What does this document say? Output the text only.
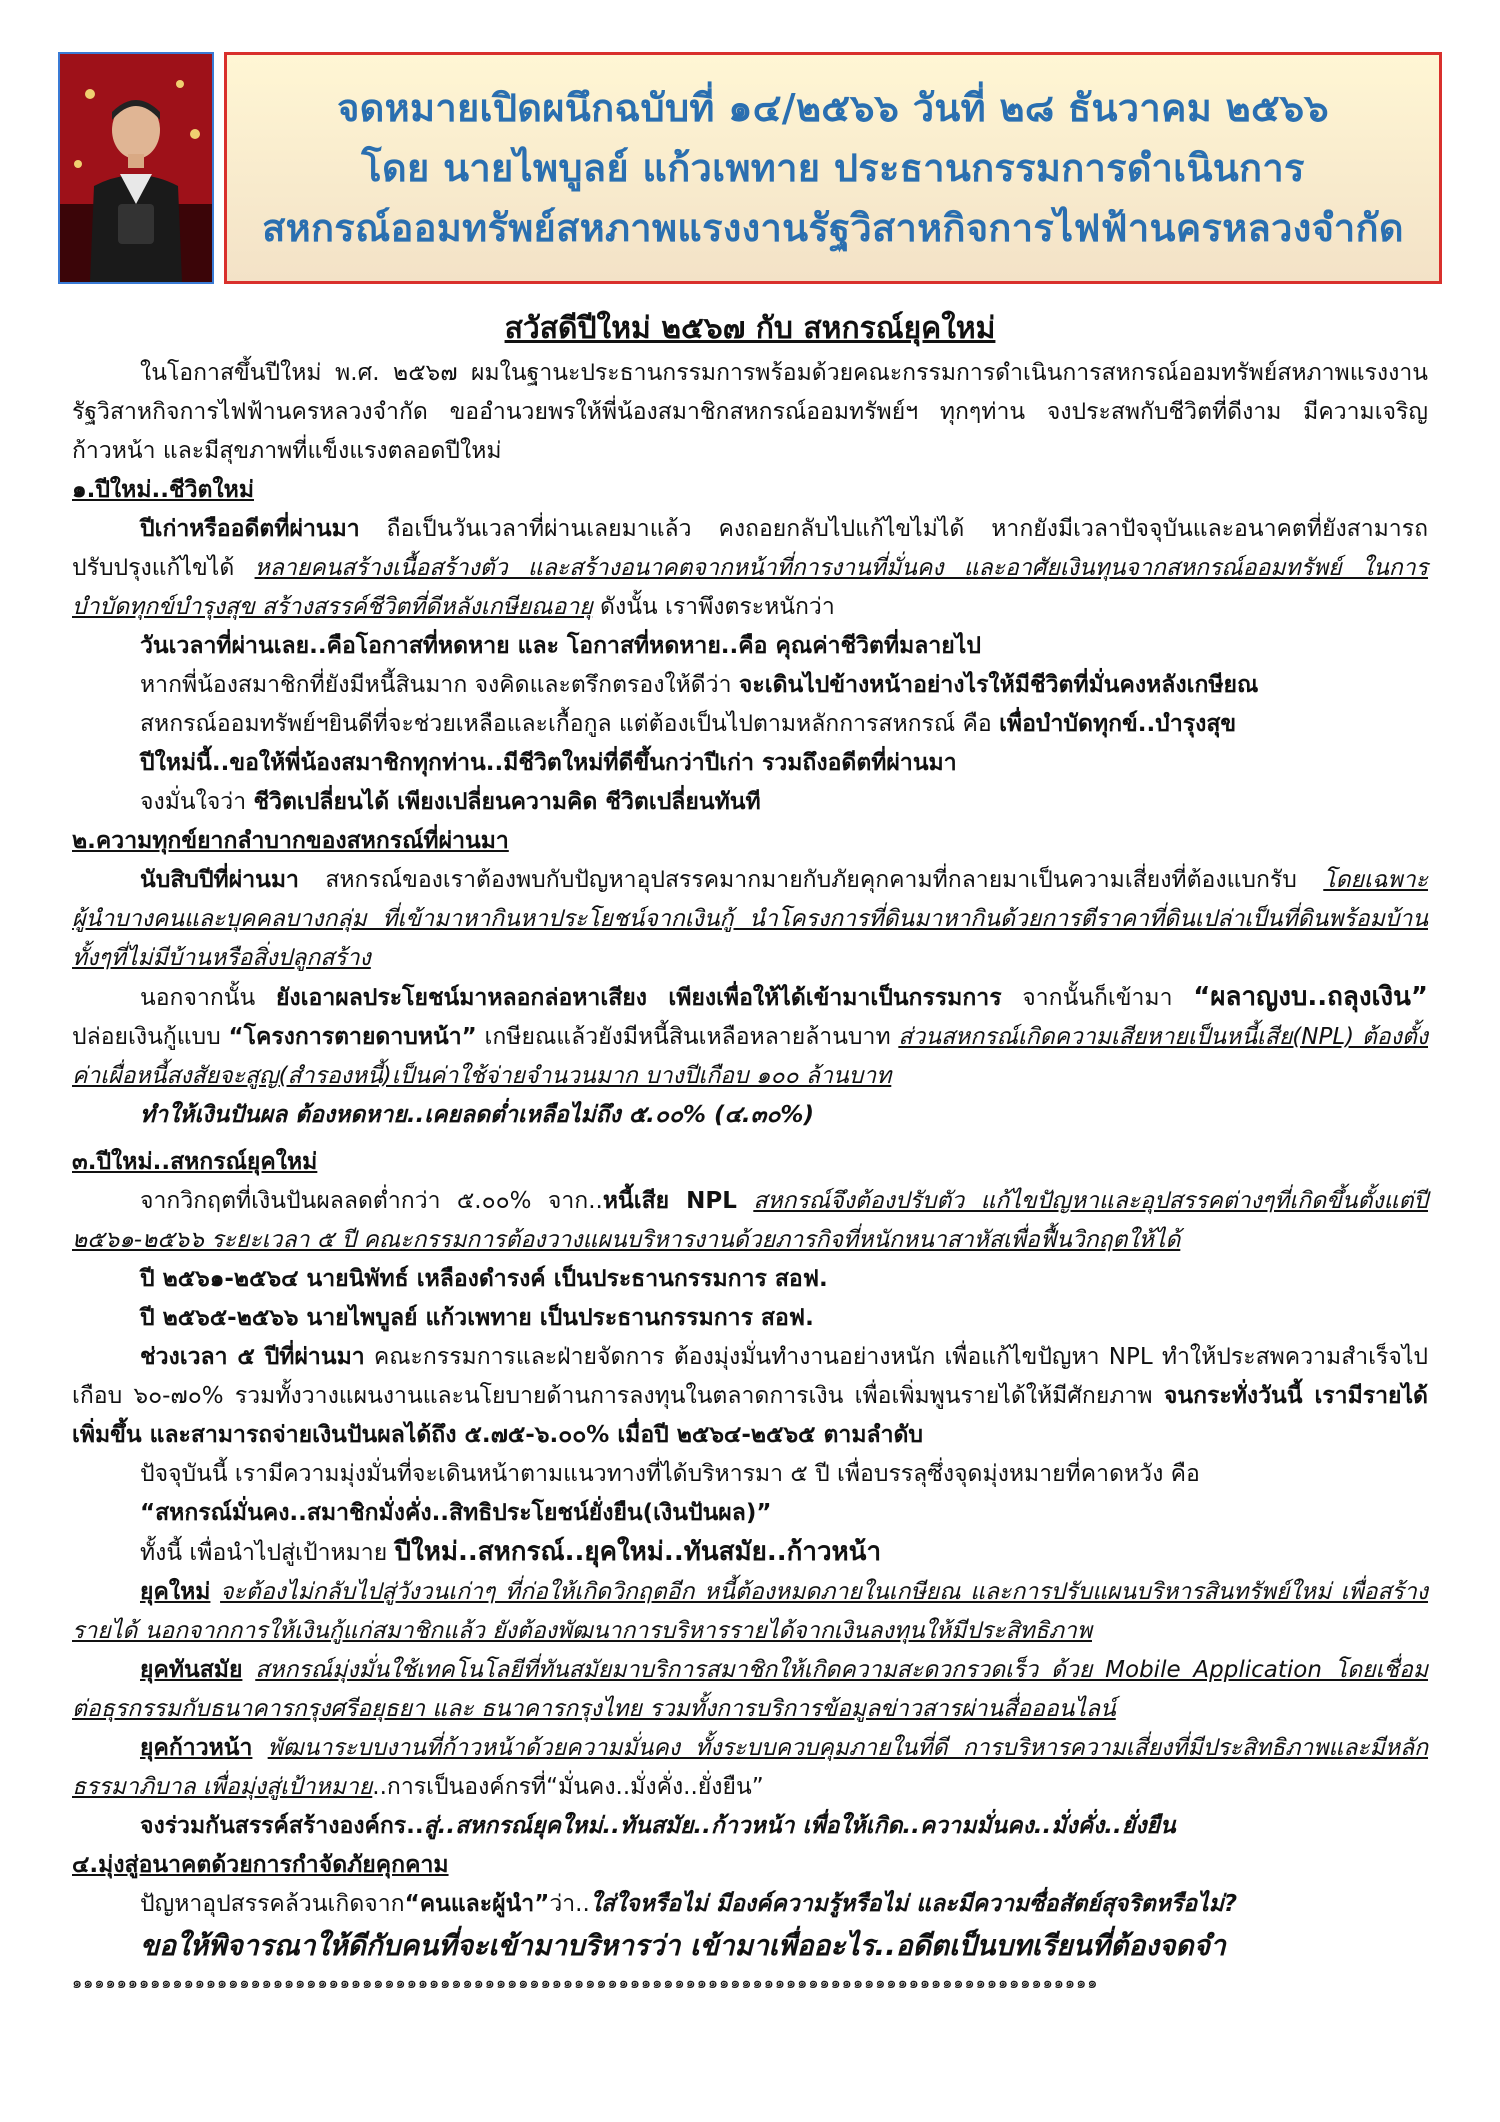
จดหมายเปิดผนึกฉบับที่ ๑๔/๒๕๖๖ วันที่ ๒๘ ธันวาคม ๒๕๖๖
โดย นายไพบูลย์ แก้วเพทาย ประธานกรรมการดำเนินการ
สหกรณ์ออมทรัพย์สหภาพแรงงานรัฐวิสาหกิจการไฟฟ้านครหลวงจำกัด
สวัสดีปีใหม่ ๒๕๖๗ กับ สหกรณ์ยุคใหม่

ในโอกาสขึ้นปีใหม่ พ.ศ. ๒๕๖๗ ผมในฐานะประธานกรรมการพร้อมด้วยคณะกรรมการดำเนินการสหกรณ์ออมทรัพย์สหภาพแรงงานรัฐวิสาหกิจการไฟฟ้านครหลวงจำกัด ขออำนวยพรให้พี่น้องสมาชิกสหกรณ์ออมทรัพย์ฯ ทุกๆท่าน จงประสพกับชีวิตที่ดีงาม มีความเจริญก้าวหน้า และมีสุขภาพที่แข็งแรงตลอดปีใหม่

๑.ปีใหม่..ชีวิตใหม่

ปีเก่าหรืออดีตที่ผ่านมา ถือเป็นวันเวลาที่ผ่านเลยมาแล้ว คงถอยกลับไปแก้ไขไม่ได้ หากยังมีเวลาปัจจุบันและอนาคตที่ยังสามารถปรับปรุงแก้ไขได้ หลายคนสร้างเนื้อสร้างตัว และสร้างอนาคตจากหน้าที่การงานที่มั่นคง และอาศัยเงินทุนจากสหกรณ์ออมทรัพย์ ในการบำบัดทุกข์บำรุงสุข สร้างสรรค์ชีวิตที่ดีหลังเกษียณอายุ ดังนั้น เราพึงตระหนักว่า

วันเวลาที่ผ่านเลย..คือโอกาสที่หดหาย และ โอกาสที่หดหาย..คือ คุณค่าชีวิตที่มลายไป

หากพี่น้องสมาชิกที่ยังมีหนี้สินมาก จงคิดและตรึกตรองให้ดีว่า จะเดินไปข้างหน้าอย่างไรให้มีชีวิตที่มั่นคงหลังเกษียณ

สหกรณ์ออมทรัพย์ฯยินดีที่จะช่วยเหลือและเกื้อกูล แต่ต้องเป็นไปตามหลักการสหกรณ์ คือ เพื่อบำบัดทุกข์..บำรุงสุข

ปีใหม่นี้..ขอให้พี่น้องสมาชิกทุกท่าน..มีชีวิตใหม่ที่ดีขึ้นกว่าปีเก่า รวมถึงอดีตที่ผ่านมา

จงมั่นใจว่า ชีวิตเปลี่ยนได้ เพียงเปลี่ยนความคิด ชีวิตเปลี่ยนทันที

๒.ความทุกข์ยากลำบากของสหกรณ์ที่ผ่านมา

นับสิบปีที่ผ่านมา สหกรณ์ของเราต้องพบกับปัญหาอุปสรรคมากมายกับภัยคุกคามที่กลายมาเป็นความเสี่ยงที่ต้องแบกรับ โดยเฉพาะผู้นำบางคนและบุคคลบางกลุ่ม ที่เข้ามาหากินหาประโยชน์จากเงินกู้ นำโครงการที่ดินมาหากินด้วยการตีราคาที่ดินเปล่าเป็นที่ดินพร้อมบ้าน ทั้งๆที่ไม่มีบ้านหรือสิ่งปลูกสร้าง

นอกจากนั้น ยังเอาผลประโยชน์มาหลอกล่อหาเสียง เพียงเพื่อให้ได้เข้ามาเป็นกรรมการ จากนั้นก็เข้ามา “ผลาญงบ..ถลุงเงิน” ปล่อยเงินกู้แบบ “โครงการตายดาบหน้า” เกษียณแล้วยังมีหนี้สินเหลือหลายล้านบาท ส่วนสหกรณ์เกิดความเสียหายเป็นหนี้เสีย(NPL) ต้องตั้งค่าเผื่อหนี้สงสัยจะสูญ(สำรองหนี้)เป็นค่าใช้จ่ายจำนวนมาก บางปีเกือบ ๑๐๐ ล้านบาท

ทำให้เงินปันผล ต้องหดหาย..เคยลดต่ำเหลือไม่ถึง ๕.๐๐% (๔.๓๐%)

๓.ปีใหม่..สหกรณ์ยุคใหม่

จากวิกฤตที่เงินปันผลลดต่ำกว่า ๕.๐๐% จาก..หนี้เสีย NPL สหกรณ์จึงต้องปรับตัว แก้ไขปัญหาและอุปสรรคต่างๆที่เกิดขึ้นตั้งแต่ปี ๒๕๖๑-๒๕๖๖ ระยะเวลา ๕ ปี คณะกรรมการต้องวางแผนบริหารงานด้วยภารกิจที่หนักหนาสาหัสเพื่อฟื้นวิกฤตให้ได้

ปี ๒๕๖๑-๒๕๖๔ นายนิพัทธ์ เหลืองดำรงค์ เป็นประธานกรรมการ สอฟ.

ปี ๒๕๖๕-๒๕๖๖ นายไพบูลย์ แก้วเพทาย เป็นประธานกรรมการ สอฟ.

ช่วงเวลา ๕ ปีที่ผ่านมา คณะกรรมการและฝ่ายจัดการ ต้องมุ่งมั่นทำงานอย่างหนัก เพื่อแก้ไขปัญหา NPL ทำให้ประสพความสำเร็จไปเกือบ ๖๐-๗๐% รวมทั้งวางแผนงานและนโยบายด้านการลงทุนในตลาดการเงิน เพื่อเพิ่มพูนรายได้ให้มีศักยภาพ จนกระทั่งวันนี้ เรามีรายได้เพิ่มขึ้น และสามารถจ่ายเงินปันผลได้ถึง ๕.๗๕-๖.๐๐% เมื่อปี ๒๕๖๔-๒๕๖๕ ตามลำดับ

ปัจจุบันนี้ เรามีความมุ่งมั่นที่จะเดินหน้าตามแนวทางที่ได้บริหารมา ๕ ปี เพื่อบรรลุซึ่งจุดมุ่งหมายที่คาดหวัง คือ

“สหกรณ์มั่นคง..สมาชิกมั่งคั่ง..สิทธิประโยชน์ยั่งยืน(เงินปันผล)”

ทั้งนี้ เพื่อนำไปสู่เป้าหมาย ปีใหม่..สหกรณ์..ยุคใหม่..ทันสมัย..ก้าวหน้า

ยุคใหม่ จะต้องไม่กลับไปสู่วังวนเก่าๆ ที่ก่อให้เกิดวิกฤตอีก หนี้ต้องหมดภายในเกษียณ และการปรับแผนบริหารสินทรัพย์ใหม่ เพื่อสร้างรายได้ นอกจากการให้เงินกู้แก่สมาชิกแล้ว ยังต้องพัฒนาการบริหารรายได้จากเงินลงทุนให้มีประสิทธิภาพ

ยุคทันสมัย สหกรณ์มุ่งมั่นใช้เทคโนโลยีที่ทันสมัยมาบริการสมาชิกให้เกิดความสะดวกรวดเร็ว ด้วย Mobile Application โดยเชื่อมต่อธุรกรรมกับธนาคารกรุงศรีอยุธยา และ ธนาคารกรุงไทย รวมทั้งการบริการข้อมูลข่าวสารผ่านสื่อออนไลน์

ยุคก้าวหน้า พัฒนาระบบงานที่ก้าวหน้าด้วยความมั่นคง ทั้งระบบควบคุมภายในที่ดี การบริหารความเสี่ยงที่มีประสิทธิภาพและมีหลักธรรมาภิบาล เพื่อมุ่งสู่เป้าหมาย..การเป็นองค์กรที่“มั่นคง..มั่งคั่ง..ยั่งยืน”

จงร่วมกันสรรค์สร้างองค์กร..สู่..สหกรณ์ยุคใหม่..ทันสมัย..ก้าวหน้า เพื่อให้เกิด..ความมั่นคง..มั่งคั่ง..ยั่งยืน

๔.มุ่งสู่อนาคตด้วยการกำจัดภัยคุกคาม

ปัญหาอุปสรรคล้วนเกิดจาก“คนและผู้นำ”ว่า..ใส่ใจหรือไม่ มีองค์ความรู้หรือไม่ และมีความซื่อสัตย์สุจริตหรือไม่?

ขอให้พิจารณาให้ดีกับคนที่จะเข้ามาบริหารว่า เข้ามาเพื่ออะไร..อดีตเป็นบทเรียนที่ต้องจดจำ

๑๑๑๑๑๑๑๑๑๑๑๑๑๑๑๑๑๑๑๑๑๑๑๑๑๑๑๑๑๑๑๑๑๑๑๑๑๑๑๑๑๑๑๑๑๑๑๑๑๑๑๑๑๑๑๑๑๑๑๑๑๑๑๑๑๑๑๑๑๑๑๑๑๑๑๑๑๑๑๑๑๑๑๑๑๑๑๑๑๑๑๑
